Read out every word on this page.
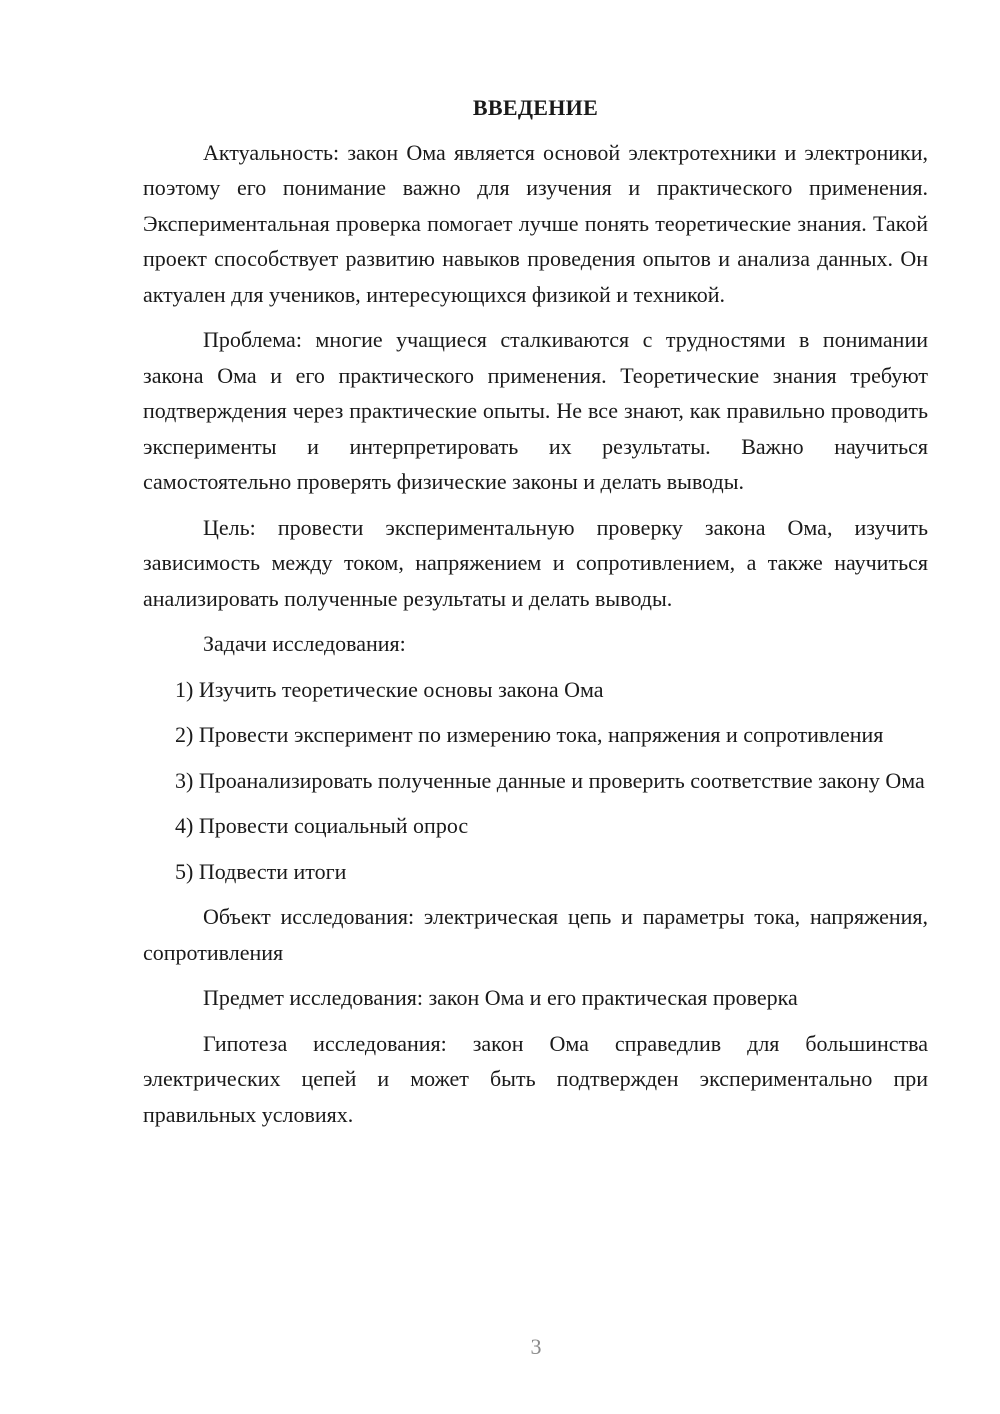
ВВЕДЕНИЕ

Актуальность: закон Ома является основой электротехники и электроники, поэтому его понимание важно для изучения и практического применения. Экспериментальная проверка помогает лучше понять теоретические знания. Такой проект способствует развитию навыков проведения опытов и анализа данных. Он актуален для учеников, интересующихся физикой и техникой.

Проблема: многие учащиеся сталкиваются с трудностями в понимании закона Ома и его практического применения. Теоретические знания требуют подтверждения через практические опыты. Не все знают, как правильно проводить эксперименты и интерпретировать их результаты. Важно научиться самостоятельно проверять физические законы и делать выводы.

Цель: провести экспериментальную проверку закона Ома, изучить зависимость между током, напряжением и сопротивлением, а также научиться анализировать полученные результаты и делать выводы.

Задачи исследования:

1) Изучить теоретические основы закона Ома

2) Провести эксперимент по измерению тока, напряжения и сопротивления

3) Проанализировать полученные данные и проверить соответствие закону Ома

4) Провести социальный опрос

5) Подвести итоги

Объект исследования: электрическая цепь и параметры тока, напряжения, сопротивления

Предмет исследования: закон Ома и его практическая проверка

Гипотеза исследования: закон Ома справедлив для большинства электрических цепей и может быть подтвержден экспериментально при правильных условиях.

3
